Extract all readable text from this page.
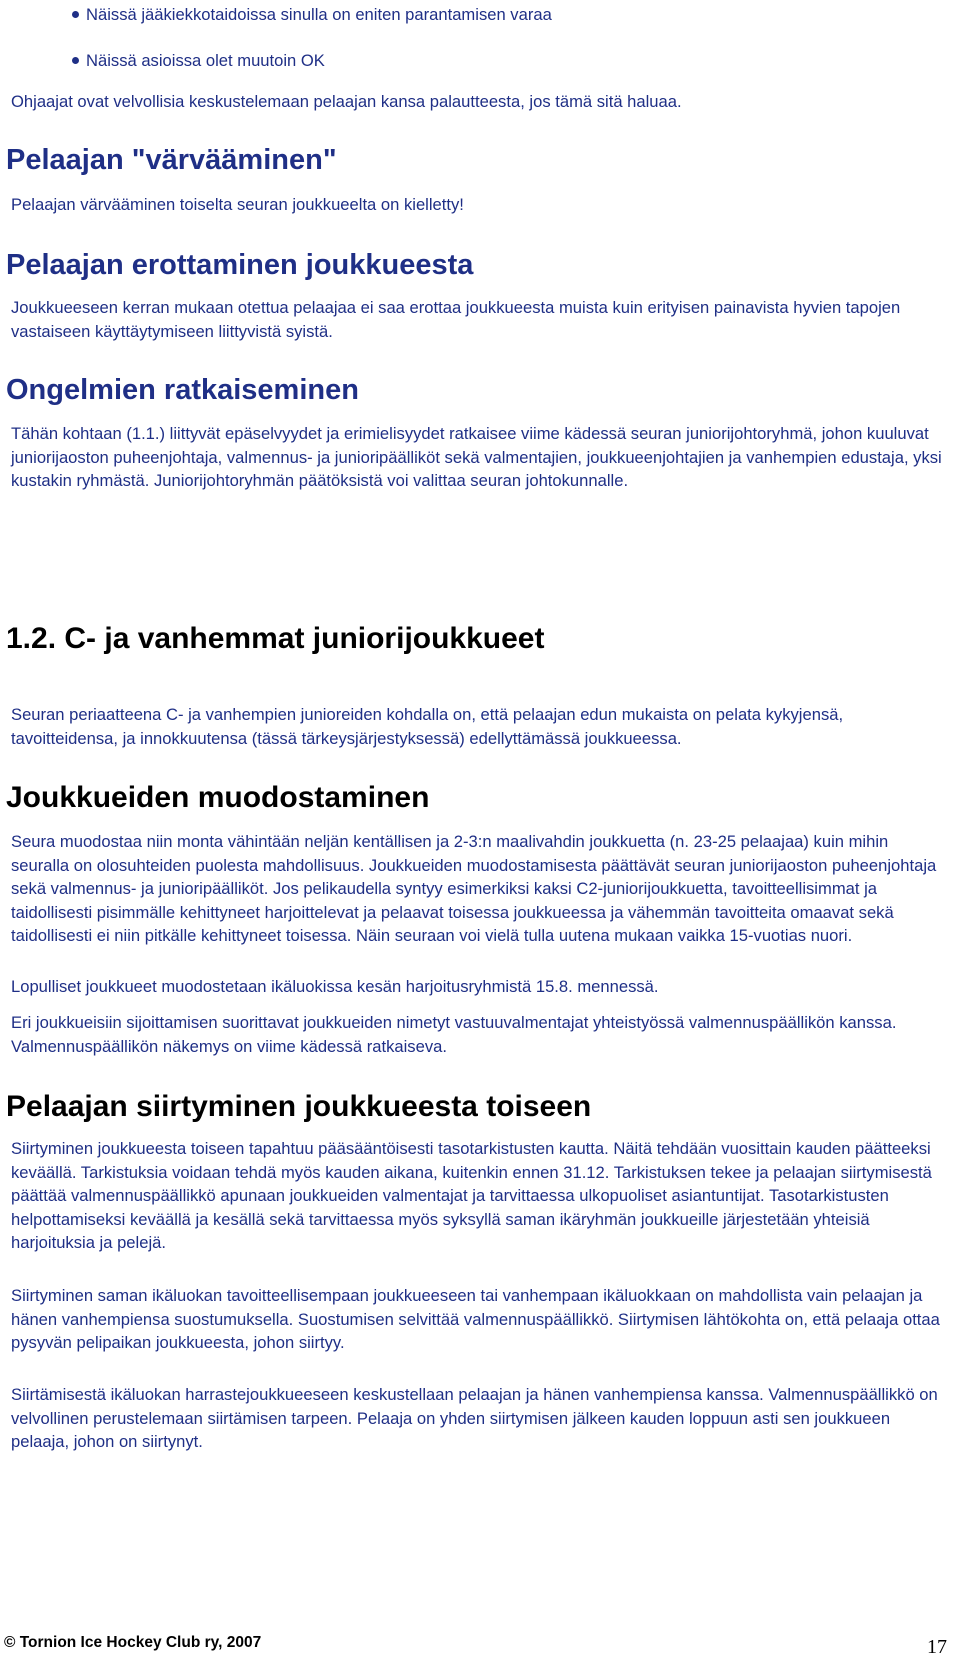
Näissä jääkiekkotaidoissa sinulla on eniten parantamisen varaa

Näissä asioissa olet muutoin OK

Ohjaajat ovat velvollisia keskustelemaan pelaajan kansa palautteesta, jos tämä sitä haluaa.

Pelaajan "värvääminen"

Pelaajan värvääminen toiselta seuran joukkueelta on kielletty!

Pelaajan erottaminen joukkueesta

Joukkueeseen kerran mukaan otettua pelaajaa ei saa erottaa joukkueesta muista kuin erityisen painavista hyvien tapojen vastaiseen käyttäytymiseen liittyvistä syistä.

Ongelmien ratkaiseminen

Tähän kohtaan (1.1.) liittyvät epäselvyydet ja erimielisyydet ratkaisee viime kädessä seuran juniorijohtoryhmä, johon kuuluvat juniorijaoston puheenjohtaja, valmennus- ja junioripäälliköt sekä valmentajien, joukkueenjohtajien ja vanhempien edustaja, yksi kustakin ryhmästä. Juniorijohtoryhmän päätöksistä voi valittaa seuran johtokunnalle.

1.2. C- ja vanhemmat juniorijoukkueet

Seuran periaatteena C- ja vanhempien junioreiden kohdalla on, että pelaajan edun mukaista on pelata kykyjensä, tavoitteidensa, ja innokkuutensa (tässä tärkeysjärjestyksessä) edellyttämässä joukkueessa.

Joukkueiden muodostaminen

Seura muodostaa niin monta vähintään neljän kentällisen ja 2-3:n maalivahdin joukkuetta (n. 23-25 pelaajaa) kuin mihin seuralla on olosuhteiden puolesta mahdollisuus. Joukkueiden muodostamisesta päättävät seuran juniorijaoston puheenjohtaja sekä valmennus- ja junioripäälliköt. Jos pelikaudella syntyy esimerkiksi kaksi C2-juniorijoukkuetta, tavoitteellisimmat ja taidollisesti pisimmälle kehittyneet harjoittelevat ja pelaavat toisessa joukkueessa ja vähemmän tavoitteita omaavat sekä taidollisesti ei niin pitkälle kehittyneet toisessa. Näin seuraan voi vielä tulla uutena mukaan vaikka 15-vuotias nuori.

Lopulliset joukkueet muodostetaan ikäluokissa kesän harjoitusryhmistä 15.8. mennessä.

Eri joukkueisiin sijoittamisen suorittavat joukkueiden nimetyt vastuuvalmentajat yhteistyössä valmennuspäällikön kanssa. Valmennuspäällikön näkemys on viime kädessä ratkaiseva.

Pelaajan siirtyminen joukkueesta toiseen

Siirtyminen joukkueesta toiseen tapahtuu pääsääntöisesti tasotarkistusten kautta. Näitä tehdään vuosittain kauden päätteeksi keväällä. Tarkistuksia voidaan tehdä myös kauden aikana, kuitenkin ennen 31.12. Tarkistuksen tekee ja pelaajan siirtymisestä päättää valmennuspäällikkö apunaan joukkueiden valmentajat ja tarvittaessa ulkopuoliset asiantuntijat. Tasotarkistusten helpottamiseksi keväällä ja kesällä sekä tarvittaessa myös syksyllä saman ikäryhmän joukkueille järjestetään yhteisiä harjoituksia ja pelejä.

Siirtyminen saman ikäluokan tavoitteellisempaan joukkueeseen tai vanhempaan ikäluokkaan on mahdollista vain pelaajan ja hänen vanhempiensa suostumuksella. Suostumisen selvittää valmennuspäällikkö. Siirtymisen lähtökohta on, että pelaaja ottaa pysyvän pelipaikan joukkueesta, johon siirtyy.

Siirtämisestä ikäluokan harrastejoukkueeseen keskustellaan pelaajan ja hänen vanhempiensa kanssa. Valmennuspäällikkö on velvollinen perustelemaan siirtämisen tarpeen. Pelaaja on yhden siirtymisen jälkeen kauden loppuun asti sen joukkueen pelaaja, johon on siirtynyt.

© Tornion Ice Hockey Club ry, 2007	17
